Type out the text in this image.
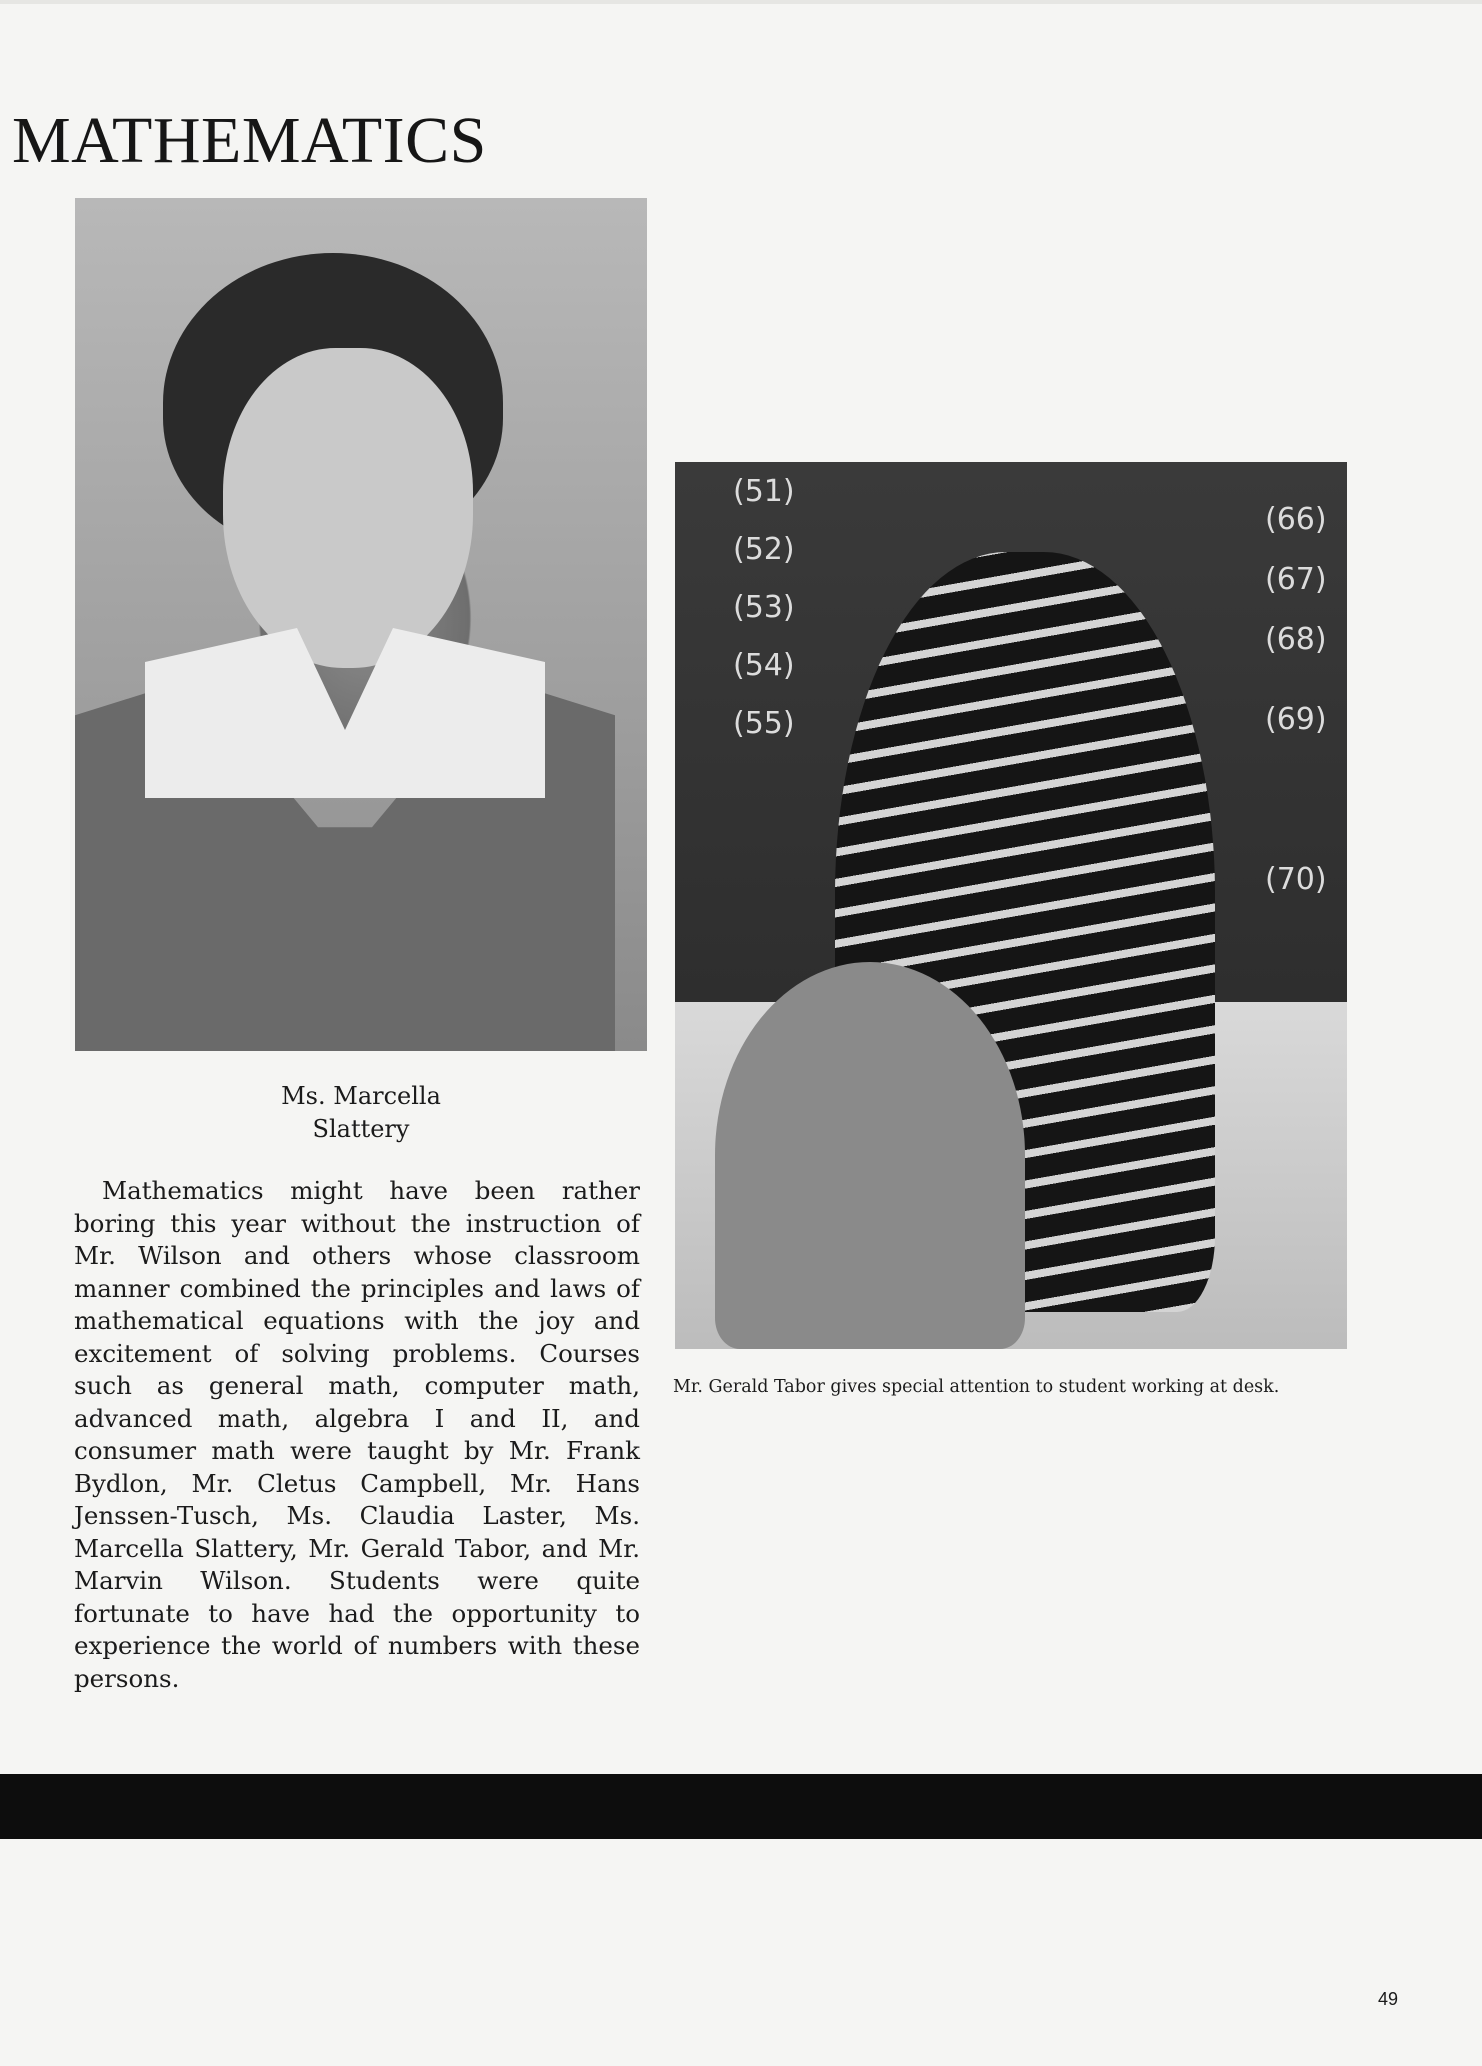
MATHEMATICS
(51)
(52)
(53)
(54)
(55)
(66)
(67)
(68)
(69)
(70)
Ms. Marcella
Slattery

Mathematics might have been rather boring this year without the instruction of Mr. Wilson and others whose classroom manner combined the principles and laws of mathematical equations with the joy and excitement of solving problems. Courses such as general math, computer math, advanced math, algebra I and II, and consumer math were taught by Mr. Frank Bydlon, Mr. Cletus Campbell, Mr. Hans Jenssen-Tusch, Ms. Claudia Laster, Ms. Marcella Slattery, Mr. Gerald Tabor, and Mr. Marvin Wilson. Students were quite fortunate to have had the opportunity to experience the world of numbers with these persons.

Mr. Gerald Tabor gives special attention to student working at desk.

49
